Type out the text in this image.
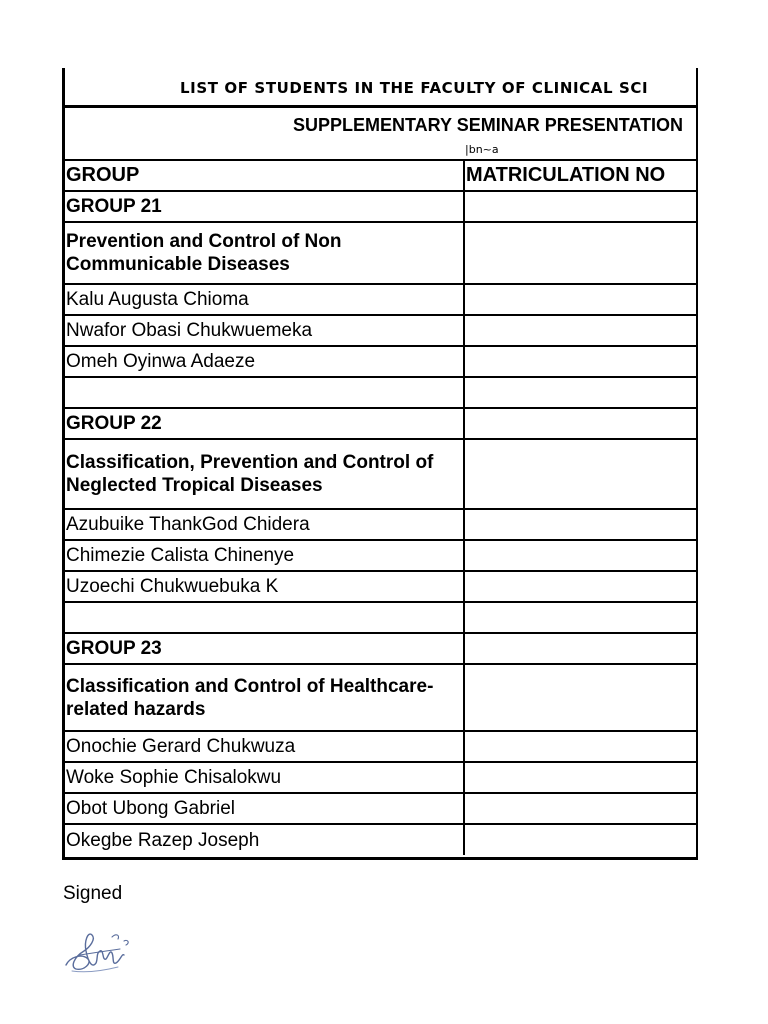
LIST OF STUDENTS IN THE FACULTY OF CLINICAL SCI
SUPPLEMENTARY SEMINAR PRESENTATION
|bn~a
GROUP	MATRICULATION NO
GROUP 21	
Prevention and Control of Non Communicable Diseases	
Kalu Augusta Chioma	
Nwafor Obasi Chukwuemeka	
Omeh Oyinwa Adaeze	

GROUP 22	
Classification, Prevention and Control of Neglected Tropical Diseases	
Azubuike ThankGod Chidera	
Chimezie Calista Chinenye	
Uzoechi Chukwuebuka K	

GROUP 23	
Classification and Control of Healthcare-related hazards	
Onochie Gerard Chukwuza	
Woke Sophie Chisalokwu	
Obot Ubong Gabriel	
Okegbe Razep Joseph	
Signed
